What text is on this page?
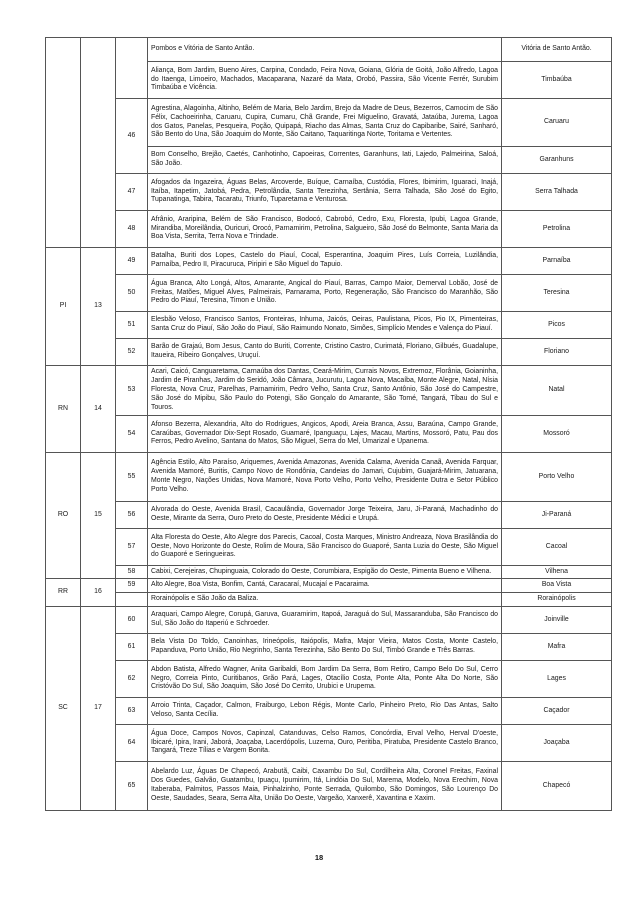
			Pombos e Vitória de Santo Antão.	Vitória de Santo Antão.
			Aliança, Bom Jardim, Bueno Aires, Carpina, Condado, Feira Nova, Goiana, Glória de Goitá, João Alfredo, Lagoa do Itaenga, Limoeiro, Machados, Macaparana, Nazaré da Mata, Orobó, Passira, São Vicente Ferrér, Surubim Timbaúba e Vicência.	Timbaúba
		46	Agrestina, Alagoinha, Altinho, Belém de Maria, Belo Jardim, Brejo da Madre de Deus, Bezerros, Camocim de São Félix, Cachoeirinha, Caruaru, Cupira, Cumaru, Chã Grande, Frei Miguelino, Gravatá, Jataúba, Jurema, Lagoa dos Gatos, Panelas, Pesqueira, Poção, Quipapá, Riacho das Almas, Santa Cruz do Capibaribe, Sairé, Sanharó, São Bento do Una, São Joaquim do Monte, São Caitano, Taquaritinga Norte, Toritama e Vertentes.	Caruaru
			Bom Conselho, Brejão, Caetés, Canhotinho, Capoeiras, Correntes, Garanhuns, Iati, Lajedo, Palmeirina, Saloá, São João.	Garanhuns
		47	Afogados da Ingazeira, Águas Belas, Arcoverde, Buíque, Carnaíba, Custódia, Flores, Ibimirim, Iguaraci, Inajá, Itaíba, Itapetim, Jatobá, Pedra, Petrolândia, Santa Terezinha, Sertânia, Serra Talhada, São José do Egito, Tupanatinga, Tabira, Tacaratu, Triunfo, Tuparetama e Venturosa.	Serra Talhada
		48	Afrânio, Araripina, Belém de São Francisco, Bodocó, Cabrobó, Cedro, Exu, Floresta, Ipubi, Lagoa Grande, Mirandiba, Moreilândia, Ouricuri, Orocó, Parnamirim, Petrolina, Salgueiro, São José do Belmonte, Santa Maria da Boa Vista, Serrita, Terra Nova e Trindade.	Petrolina
PI	13	49	Batalha, Buriti dos Lopes, Castelo do Piauí, Cocal, Esperantina, Joaquim Pires, Luís Correia, Luzilândia, Parnaíba, Pedro II, Piracuruca, Piripiri e São Miguel do Tapuio.	Parnaíba
		50	Água Branca, Alto Longá, Altos, Amarante, Angical do Piauí, Barras, Campo Maior, Demerval Lobão, José de Freitas, Matões, Miguel Alves, Palmeirais, Parnarama, Porto, Regeneração, São Francisco do Maranhão, São Pedro do Piauí, Teresina, Timon e União.	Teresina
		51	Elesbão Veloso, Francisco Santos, Fronteiras, Inhuma, Jaicós, Oeiras, Paulistana, Picos, Pio IX, Pimenteiras, Santa Cruz do Piauí, São João do Piauí, São Raimundo Nonato, Simões, Simplício Mendes e Valença do Piauí.	Picos
		52	Barão de Grajaú, Bom Jesus, Canto do Buriti, Corrente, Cristino Castro, Curimatá, Floriano, Gilbués, Guadalupe, Itaueira, Ribeiro Gonçalves, Uruçuí.	Floriano
RN	14	53	Acari, Caicó, Canguaretama, Carnaúba dos Dantas, Ceará-Mirim, Currais Novos, Extremoz, Florânia, Goianinha, Jardim de Piranhas, Jardim do Seridó, João Câmara, Jucurutu, Lagoa Nova, Macaíba, Monte Alegre, Natal, Nísia Floresta, Nova Cruz, Parelhas, Parnamirim, Pedro Velho, Santa Cruz, Santo Antônio, São José do Campestre, São José do Mipibu, São Paulo do Potengi, São Gonçalo do Amarante, São Tomé, Tangará, Tibau do Sul e Touros.	Natal
		54	Afonso Bezerra, Alexandria, Alto do Rodrigues, Angicos, Apodi, Areia Branca, Assu, Baraúna, Campo Grande, Caraúbas, Governador Dix-Sept Rosado, Guamaré, Ipanguaçu, Lajes, Macau, Martins, Mossoró, Patu, Pau dos Ferros, Pedro Avelino, Santana do Matos, São Miguel, Serra do Mel, Umarizal e Upanema.	Mossoró
RO	15	55	Agência Estilo, Alto Paraíso, Ariquemes, Avenida Amazonas, Avenida Calama, Avenida Canaã, Avenida Farquar, Avenida Mamoré, Buritis, Campo Novo de Rondônia, Candeias do Jamari, Cujubim, Guajará-Mirim, Jatuarana, Monte Negro, Nações Unidas, Nova Mamoré, Nova Porto Velho, Porto Velho, Presidente Dutra e Setor Público Porto Velho.	Porto Velho
		56	Alvorada do Oeste, Avenida Brasil, Cacaulândia, Governador Jorge Teixeira, Jaru, Ji-Paraná, Machadinho do Oeste, Mirante da Serra, Ouro Preto do Oeste, Presidente Médici e Urupá.	Ji-Paraná
		57	Alta Floresta do Oeste, Alto Alegre dos Parecis, Cacoal, Costa Marques, Ministro Andreaza, Nova Brasilândia do Oeste, Novo Horizonte do Oeste, Rolim de Moura, São Francisco do Guaporé, Santa Luzia do Oeste, São Miguel do Guaporé e Seringueiras.	Cacoal
		58	Cabixi, Cerejeiras, Chupinguaia, Colorado do Oeste, Corumbiara, Espigão do Oeste, Pimenta Bueno e Vilhena.	Vilhena
RR	16	59	Alto Alegre, Boa Vista, Bonfim, Cantá, Caracaraí, Mucajaí e Pacaraima.	Boa Vista
			Rorainópolis e São João da Baliza.	Rorainópolis
SC	17	60	Araquari, Campo Alegre, Corupá, Garuva, Guaramirim, Itapoá, Jaraguá do Sul, Massaranduba, São Francisco do Sul, São João do Itaperiú e Schroeder.	Joinville
		61	Bela Vista Do Toldo, Canoinhas, Irineópolis, Itaiópolis, Mafra, Major Vieira, Matos Costa, Monte Castelo, Papanduva, Porto União, Rio Negrinho, Santa Terezinha, São Bento Do Sul, Timbó Grande e Três Barras.	Mafra
		62	Abdon Batista, Alfredo Wagner, Anita Garibaldi, Bom Jardim Da Serra, Bom Retiro, Campo Belo Do Sul, Cerro Negro, Correia Pinto, Curitibanos, Grão Pará, Lages, Otacílio Costa, Ponte Alta, Ponte Alta Do Norte, São Cristóvão Do Sul, São Joaquim, São José Do Cerrito, Urubici e Urupema.	Lages
		63	Arroio Trinta, Caçador, Calmon, Fraiburgo, Lebon Régis, Monte Carlo, Pinheiro Preto, Rio Das Antas, Salto Veloso, Santa Cecília.	Caçador
		64	Água Doce, Campos Novos, Capinzal, Catanduvas, Celso Ramos, Concórdia, Erval Velho, Herval D'oeste, Ibicaré, Ipira, Irani, Jaborá, Joaçaba, Lacerdópolis, Luzerna, Ouro, Peritiba, Piratuba, Presidente Castelo Branco, Tangará, Treze Tílias e Vargem Bonita.	Joaçaba
		65	Abelardo Luz, Águas De Chapecó, Arabutã, Caibi, Caxambu Do Sul, Cordilheira Alta, Coronel Freitas, Faxinal Dos Guedes, Galvão, Guatambu, Ipuaçu, Ipumirim, Itá, Lindóia Do Sul, Marema, Modelo, Nova Erechim, Nova Itaberaba, Palmitos, Passos Maia, Pinhalzinho, Ponte Serrada, Quilombo, São Domingos, São Lourenço Do Oeste, Saudades, Seara, Serra Alta, União Do Oeste, Vargeão, Xanxerê, Xavantina e Xaxim.	Chapecó
18
